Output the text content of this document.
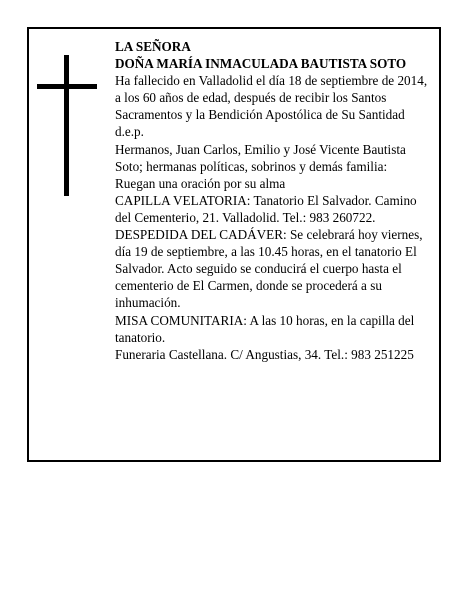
LA SEÑORA

DOÑA MARÍA INMACULADA BAUTISTA SOTO

Ha fallecido en Valladolid el día 18 de septiembre de 2014, a los 60 años de edad, después de recibir los Santos Sacramentos y la Bendición Apostólica de Su Santidad

d.e.p.

Hermanos, Juan Carlos, Emilio y José Vicente Bautista Soto; hermanas políticas, sobrinos y demás familia:

Ruegan una oración por su alma

CAPILLA VELATORIA: Tanatorio El Salvador. Camino del Cementerio, 21. Valladolid. Tel.: 983 260722.

DESPEDIDA DEL CADÁVER: Se celebrará hoy viernes, día 19 de septiembre, a las 10.45 horas, en el tanatorio El Salvador. Acto seguido se conducirá el cuerpo hasta el cementerio de El Carmen, donde se procederá a su inhumación.

MISA COMUNITARIA: A las 10 horas, en la capilla del tanatorio.

Funeraria Castellana. C/ Angustias, 34. Tel.: 983 251225
